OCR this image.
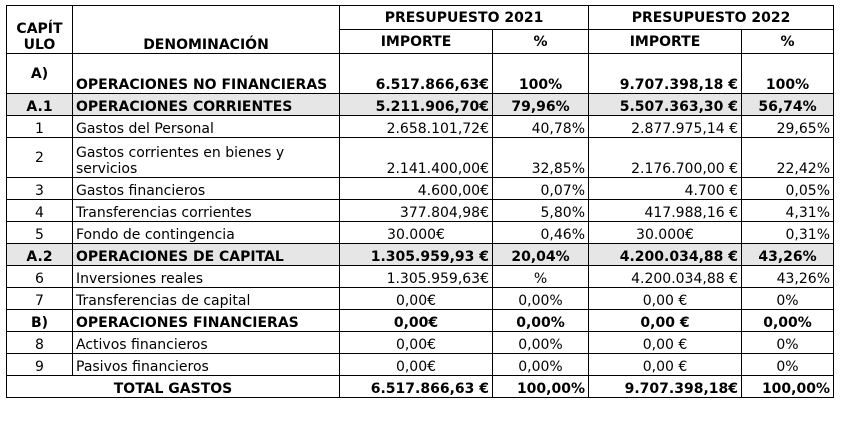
CAPÍT
ULO	DENOMINACIÓN	PRESUPUESTO 2021		PRESUPUESTO 2022	
		IMPORTE	%	IMPORTE	%
A)	OPERACIONES NO FINANCIERAS	6.517.866,63€	100%	9.707.398,18 €	100%
A.1	OPERACIONES CORRIENTES	5.211.906,70€	79,96%	5.507.363,30 €	56,74%
1	Gastos del Personal	2.658.101,72€	40,78%	2.877.975,14 €	29,65%
2	Gastos corrientes en bienes y servicios	2.141.400,00€	32,85%	2.176.700,00 €	22,42%
3	Gastos financieros	4.600,00€	0,07%	4.700 €	0,05%
4	Transferencias corrientes	377.804,98€	5,80%	417.988,16 €	4,31%
5	Fondo de contingencia	30.000€	0,46%	30.000€	0,31%
A.2	OPERACIONES DE CAPITAL	1.305.959,93 €	20,04%	4.200.034,88 €	43,26%
6	Inversiones reales	1.305.959,63€	%	4.200.034,88 €	43,26%
7	Transferencias de capital	0,00€	0,00%	0,00 €	0%
B)	OPERACIONES FINANCIERAS	0,00€	0,00%	0,00 €	0,00%
8	Activos financieros	0,00€	0,00%	0,00 €	0%
9	Pasivos financieros	0,00€	0,00%	0,00 €	0%
TOTAL GASTOS		6.517.866,63 €	100,00%	9.707.398,18€	100,00%
